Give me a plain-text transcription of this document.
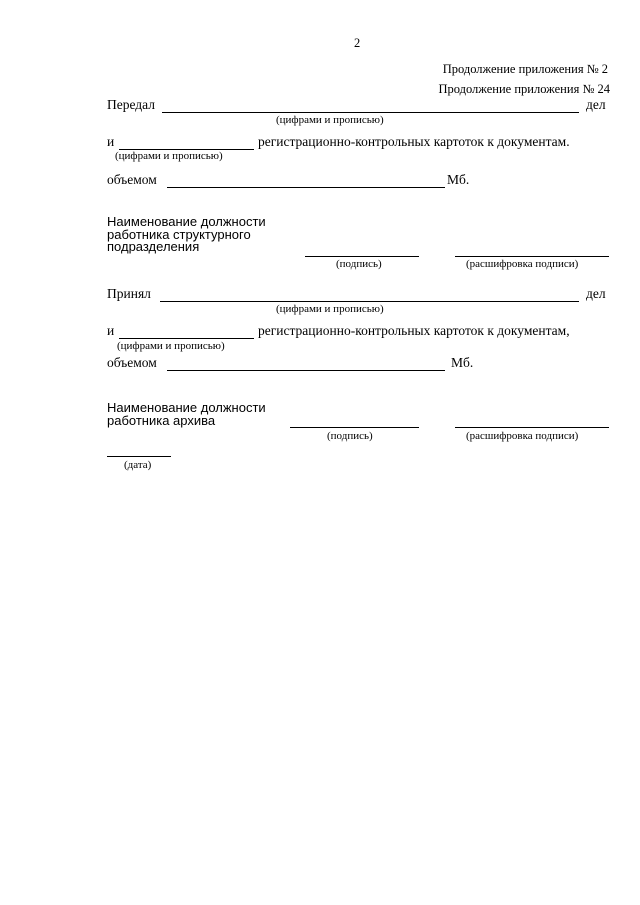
2
Продолжение приложения № 2
Продолжение приложения № 24
Передал	дел
(цифрами и прописью)
и	регистрационно-контрольных картоток к документам.
(цифрами и прописью)
объемом	Мб.
Наименование должности
работника структурного
подразделения
(подпись)	(расшифровка подписи)
Принял	дел
(цифрами и прописью)
и	регистрационно-контрольных картоток к документам,
(цифрами и прописью)
объемом	Мб.
Наименование должности
работника архива
(подпись)	(расшифровка подписи)
(дата)
